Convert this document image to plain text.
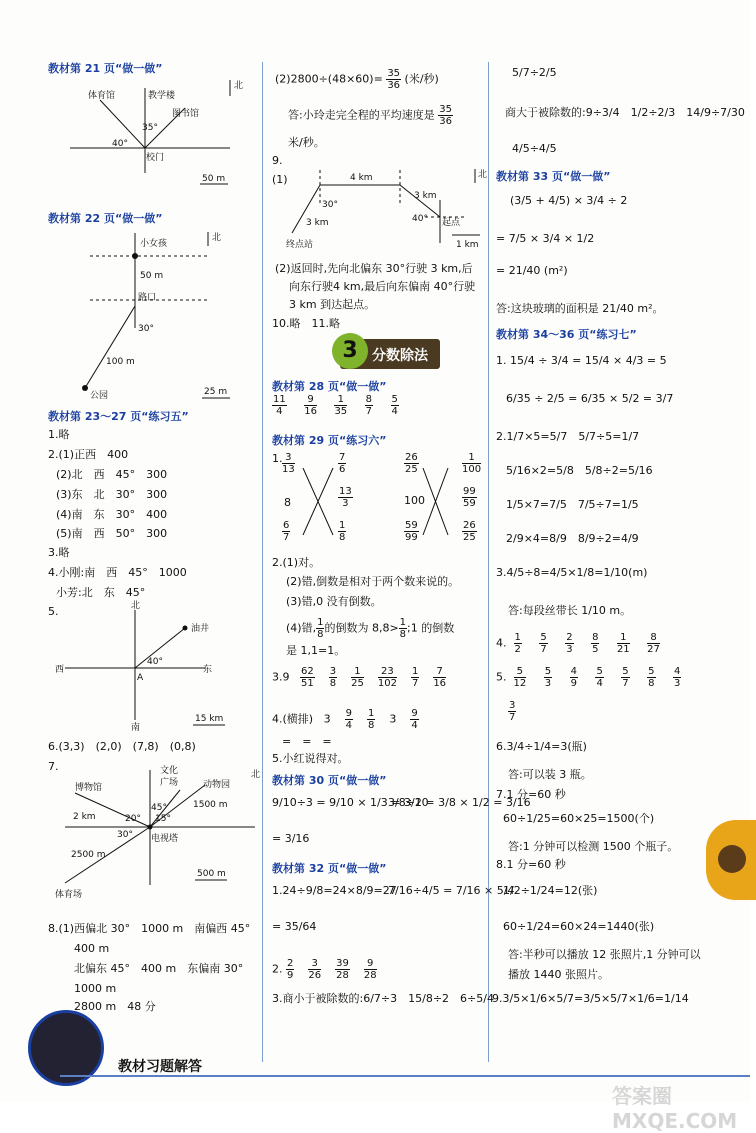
教材第 21 页“做一做”
北
体育馆	教学楼
图书馆
35°
40°
校门
50 m
教材第 22 页“做一做”
北
小女孩
50 m
路口
30°
100 m
公园	25 m
教材第 23～27 页“练习五”
1.略
2.(1)正西　400
(2)北　西　45°　300
(3)东　北　30°　300
(4)南　东　30°　400
(5)南　西　50°　300
3.略
4.小刚:南　西　45°　1000
小芳:北　东　45°
5.	北
油井
西	东
南
40°
A
15 km
6.(3,3)　(2,0)　(7,8)　(0,8)
7.
博物馆
文化
广场	动物园
北
1500 m
2 km	20°
45°
15°
30° 电视塔
2500 m
体育场
500 m
8.(1)西偏北 30°　1000 m　南偏西 45°
400 m
北偏东 45°　400 m　东偏南 30°
1000 m
2800 m　48 分
$(2)2800\div(48\times 60)= \frac{35}{36}$ (米/秒)
答:小玲走完全程的平均速度是 $\frac{35}{36}$
米/秒。
9.
(1)	北
4 km
3 km
30°
3 km	40° 起点
终点站	1 km
(2)返回时,先向北偏东 30°行驶 3 km,后
向东行驶4 km,最后向东偏南 40°行驶
3 km 到达起点。
10.略　11.略
3	分数除法
教材第 28 页“做一做”
$\frac{11}{4}$
$\frac{9}{16}$
$\frac{1}{35}$
$\frac{8}{7}$
$\frac{5}{4}$
教材第 29 页“练习六”
1. $\frac{3}{13}$	$\frac{7}{6}$
8	$\frac{13}{3}$
$\frac{6}{7}$	$\frac{1}{8}$
$\frac{26}{25}$	$\frac{1}{100}$
100	$\frac{99}{59}$
$\frac{59}{99}$	$\frac{26}{25}$
2.(1)对。
(2)错,倒数是相对于两个数来说的。
(3)错,0 没有倒数。
(4)错, $\frac{1}{8}$ 的倒数为 $8,8> \frac{1}{8}$ ;1 的倒数
是 1,1=1。
$3.9 \frac{62}{51}$
$\frac{3}{8}$
$\frac{1}{25}$
$\frac{23}{102}$
$\frac{1}{7}$
$\frac{7}{16}$
4.(横排) $3 \frac{9}{4}$
$\frac{1}{8} 3 \frac{9}{4}$
=　=　=
5.小红说得对。
教材第 30 页“做一做”
9/10÷3 = 9/10 × 1/3 = 3/10
3/8÷2 = 3/8 × 1/2 = 3/16
= 3/16
教材第 32 页“做一做”
1.24÷9/8=24×8/9=27
7/16÷4/5 = 7/16 × 5/4
= 35/64
2. $\frac{2}{9}$
$\frac{3}{26}$
$\frac{39}{28}$
$\frac{9}{28}$
3.商小于被除数的:6/7÷3　15/8÷2　6÷5/4
5/7÷2/5
商大于被除数的:9÷3/4　1/2÷2/3　14/9÷7/30
4/5÷4/5
教材第 33 页“做一做”
(3/5 + 4/5) × 3/4 ÷ 2
= 7/5 × 3/4 × 1/2
= 21/40 (m²)
答:这块玻璃的面积是 21/40 m²。
教材第 34～36 页“练习七”
1. 15/4 ÷ 3/4 = 15/4 × 4/3 = 5
6/35 ÷ 2/5 = 6/35 × 5/2 = 3/7
2.1/7×5=5/7　5/7÷5=1/7
5/16×2=5/8　5/8÷2=5/16
1/5×7=7/5　7/5÷7=1/5
2/9×4=8/9　8/9÷2=4/9
3.4/5÷8=4/5×1/8=1/10(m)
答:每段丝带长 1/10 m。
4. $\frac{1}{2}$
$\frac{5}{7}$
$\frac{2}{3}$
$\frac{8}{5}$
$\frac{1}{21}$
$\frac{8}{27}$
5. $\frac{5}{12}$
$\frac{5}{3}$
$\frac{4}{9}$
$\frac{5}{4}$
$\frac{5}{7}$
$\frac{5}{8}$
$\frac{4}{3}$
$\frac{3}{7}$
6.3/4÷1/4=3(瓶)
答:可以装 3 瓶。
7.1 分=60 秒
60÷1/25=60×25=1500(个)
答:1 分钟可以检测 1500 个瓶子。
8.1 分=60 秒
1/2÷1/24=12(张)
60÷1/24=60×24=1440(张)
答:半秒可以播放 12 张照片,1 分钟可以
播放 1440 张照片。
9.3/5×1/6×5/7=3/5×5/7×1/6=1/14
教材习题解答
答案圈 MXQE.COM
